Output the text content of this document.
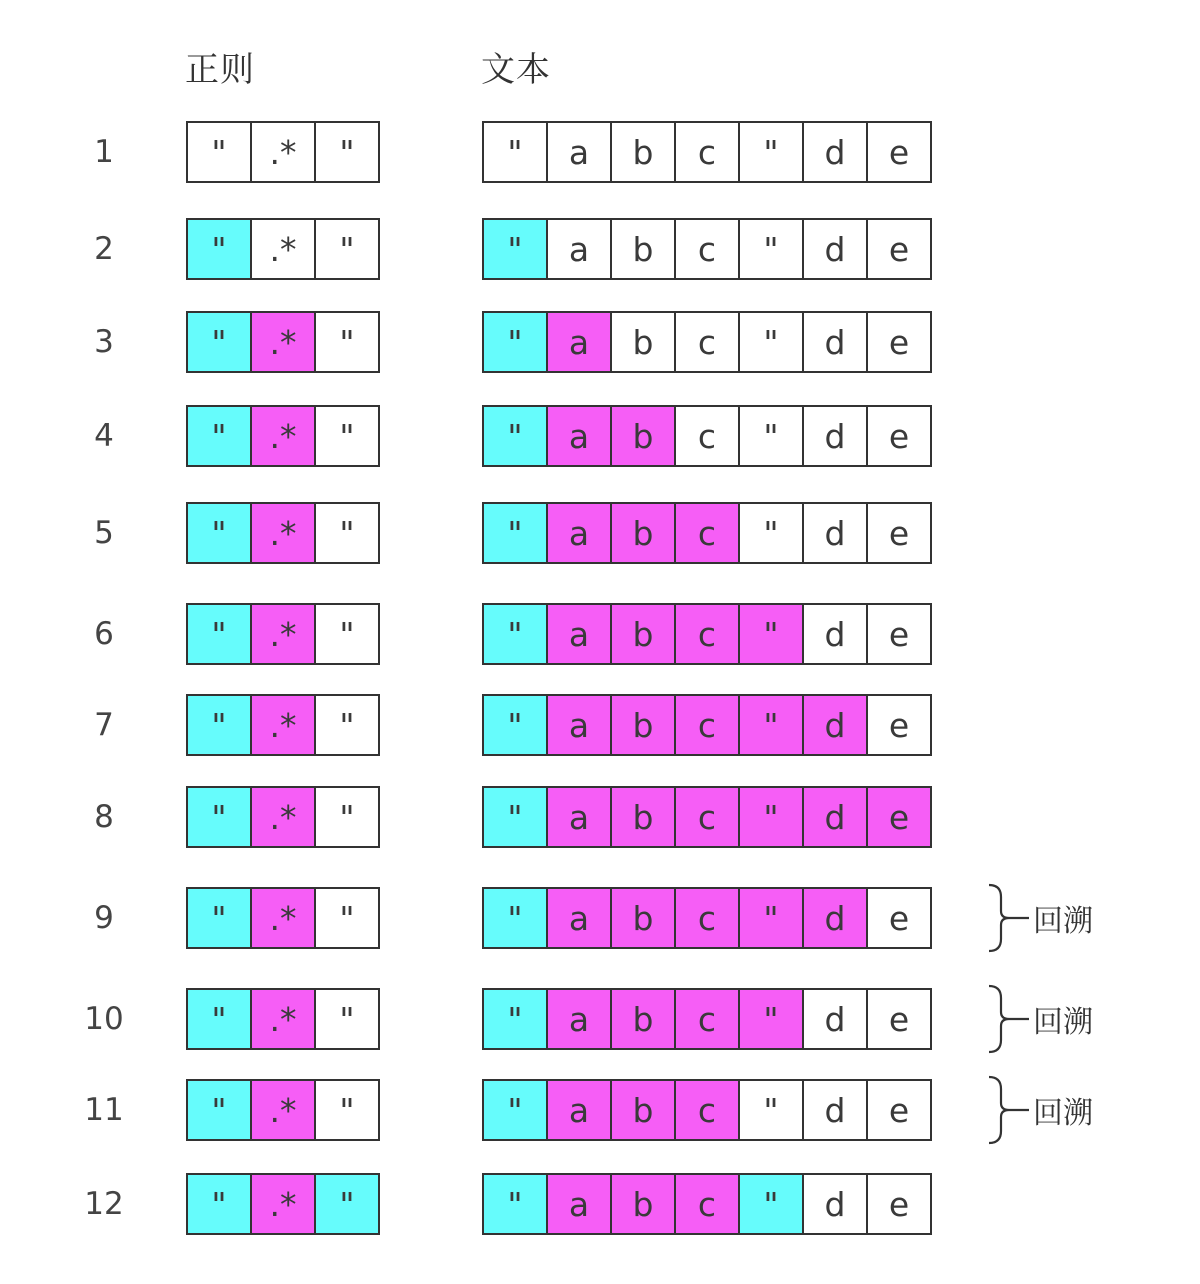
正则	文本
1	" .* "	" a b c " d e
2	" .* "	" a b c " d e
3	" .* "	" a b c " d e
4	" .* "	" a b c " d e
5	" .* "	" a b c " d e
6	" .* "	" a b c " d e
7	" .* "	" a b c " d e
8	" .* "	" a b c " d e
9	" .* "	" a b c " d e	回溯
10	" .* "	" a b c " d e	回溯
11	" .* "	" a b c " d e	回溯
12	" .* "	" a b c " d e
